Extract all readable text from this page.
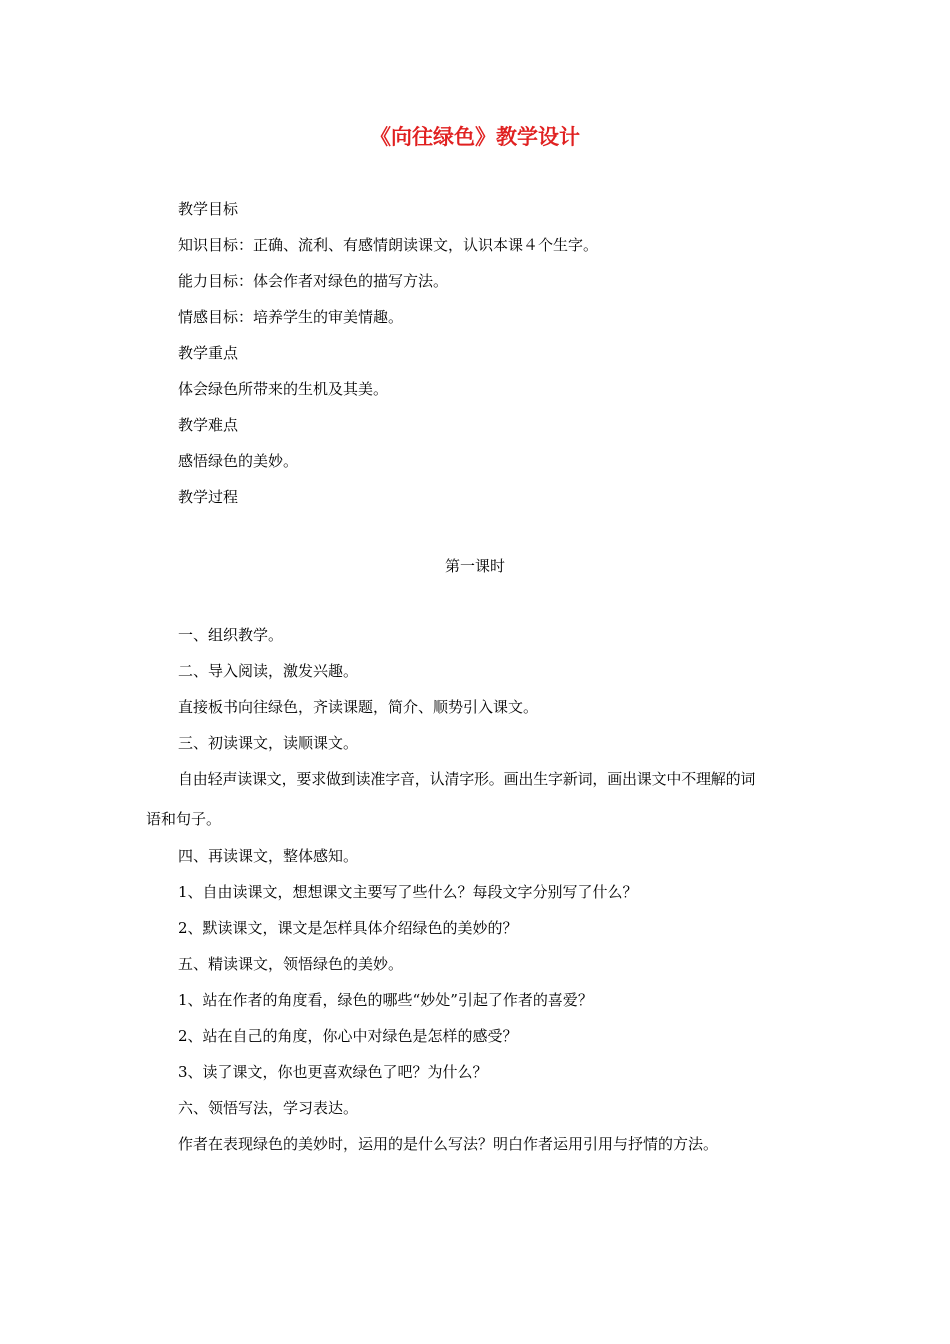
《向往绿色》教学设计
教学目标
知识目标：正确、流利、有感情朗读课文，认识本课４个生字。
能力目标：体会作者对绿色的描写方法。
情感目标：培养学生的审美情趣。
教学重点
体会绿色所带来的生机及其美。
教学难点
感悟绿色的美妙。
教学过程
第一课时
一、组织教学。
二、导入阅读，激发兴趣。
直接板书向往绿色，齐读课题，简介、顺势引入课文。
三、初读课文，读顺课文。
自由轻声读课文，要求做到读准字音，认清字形。画出生字新词，画出课文中不理解的词
语和句子。
四、再读课文，整体感知。
1、自由读课文，想想课文主要写了些什么？每段文字分别写了什么？
2、默读课文，课文是怎样具体介绍绿色的美妙的？
五、精读课文，领悟绿色的美妙。
1、站在作者的角度看，绿色的哪些“妙处”引起了作者的喜爱？
2、站在自己的角度，你心中对绿色是怎样的感受？
3、读了课文，你也更喜欢绿色了吧？为什么？
六、领悟写法，学习表达。
作者在表现绿色的美妙时，运用的是什么写法？明白作者运用引用与抒情的方法。
